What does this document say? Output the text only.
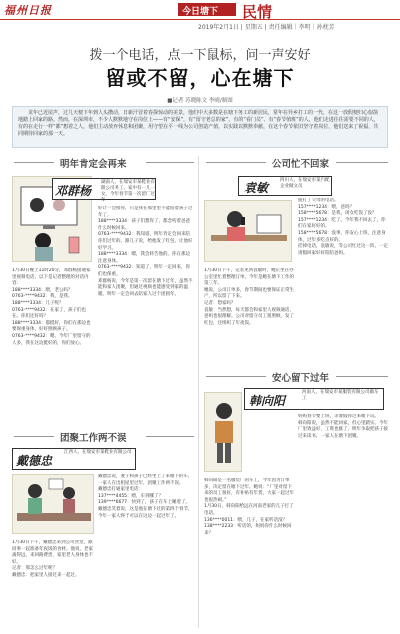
福州日报	今日塘下 民情
2019年2月1日 | 星期五 | 责任编辑｜李明｜孙枕芳
拨一个电话，点一下鼠标，问一声安好
留或不留，心在塘下
■记者 苏晓陈文 李晴/制图
龙年已近尾声，过几天便下年到人头攒动，日新汗冒着春探惊动的美景，他们中大多数是在塘下务工的新居民，常年在异乡打工的一代，在这一放假便归心似箭地踏上回家的路。然而，在深圳市，不少人默默地守在岗位上——有“安保”，有“留守老总的家”，有的“看门员”、有“春节值班”的人，他们走进往往需要不同的人，有的在走行一样“都”想着之人，他们主动放弃休息和团聚，用守望在平一线为公司创造产值，以实践以默默奉献，在这个春节依旧坚守着岗位，他们送来了祝福，共同期待回家的那一天。
明年肯定会再来
邓群杨
湖南人，在瑞安市某鞋业有限公司务工，家中有一儿一女，今年春节第一次留厂过年
1月30日晚上11时20分，邓群杨接通家里视频电话，以下是记者整理的对话内容：
188****3334：喂，老公吗？
0763-****9432：我，是我。
188****3334：儿子呢？
0763-****9432：在家了，孩子们也在。你们还好吗？
188****3334：都挺好，你们在那边也要保重身体，好好照顾孩子。
0763-****9432：嗯，今年厂里留守的人多，我在这边挺好的，你们放心。
好计一会接你，只是我在那里里不能陪着孩子过年了。
188****3334：孩子们想你了，都念叨着爸爸什么时候回来。
0763-****9432：我知道，明年肯定会回来陪你们过年的。跟儿子说，给他发了红包，让他好好学习。
188****3334：嗯，我会转告他的。你在那边注意身体。
0763-****9432：知道了，明年一定回来，你们也保重。
邓群杨说，今年是第一次留在塘下过年，虽然不能和家人团聚，但通过视频也能感受到家的温暖。明年一定会回去陪家人过个团圆年。
公司忙不回家
袁敏
四川人，在瑞安市某汽配企业做文员
1月30日下午，记者见到袁敏时，她正坐在办公室里忙着整理订单，今年是她在塘下工作的第三年。
她说，公司订单多，春节期间也要保证正常生产，所以留了下来。
记者：想家吗？
袁敏：当然想，每天都会和家里人视频通话，爸妈也很理解。公司对留守员工很照顾，发了红包，还组织了年夜饭。
拨打了父母的电话。
157****1234：喂，爸吗？
158****5678：是我，闺女吃饭了没？
157****1234：吃了。今年我不回去了，你们在家好好的。
158****5678：没事，你安心上班，注意身体，过年多吃点好的。
挂掉电话，袁敏说，等公司忙过这一阵，一定请假回家好好陪陪爸妈。
安心留下过年
韩向阳
河南人，在瑞安市某服装有限公司做车工
韩向阳是一名服装厂的车工，今年因为订单多，决定留在塘下过年。她说：“厂里对留下来的员工很好，有补贴有年货，大家一起过年也很热闹。”
1月30日，韩向阳给远在河南老家的儿子打了电话。
136****0011：喂，儿子，在家听话没？
138****2233：听话的，妈妈你什么时候回来？
妈妈春节要上班，等暑假你过来塘下玩。
韩向阳说，虽然不能回家，但心里踏实。今年厂里效益好，工资也涨了，明年争取把孩子接过来读书，一家人在塘下团聚。
团聚工作两不误
戴德忠
江西人，在瑞安市某鞋业有限公司
1月30日下午，戴德忠来到公司食堂，跟同事一起准备年夜饭的食材。他说，老家离得远，来回路费贵，家里老人身体也不好。
记者：那怎么过年呢？
戴德忠：把家里人接过来一起过。
戴德忠说，妻子和孩子已经坐上了来塘下的车，一家人在出租屋里过年，团聚工作两不误。
戴德忠打通家里电话：
137****4455：喂，车到哪了？
139****6677：快到了，孩子在车上睡着了。
戴德忠笑着说，这是他在塘下过的第四个春节，今年一家人终于可以在这边一起过年了。
